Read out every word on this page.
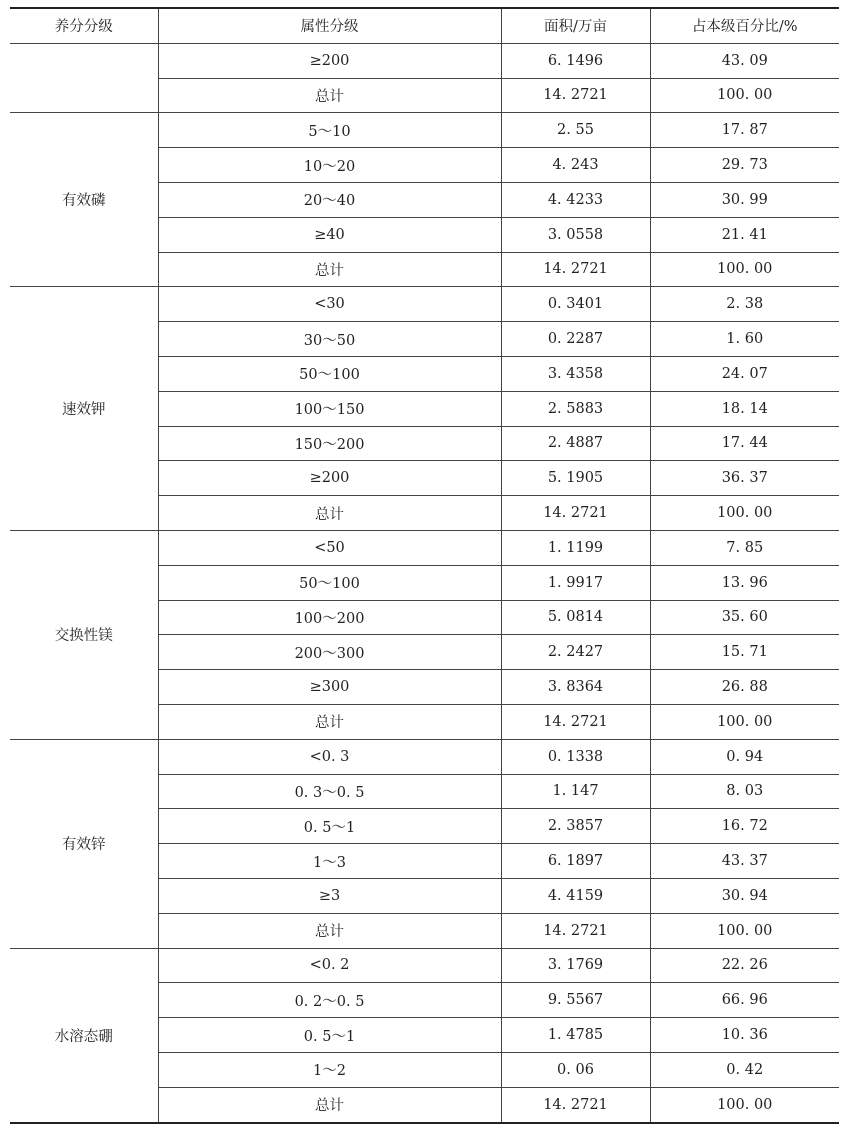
养分分级	属性分级	面积/万亩	占本级百分比/%
	≥200	6. 1496	43. 09
	总计	14. 2721	100. 00
有效磷	5～10	2. 55	17. 87
	10～20	4. 243	29. 73
	20～40	4. 4233	30. 99
	≥40	3. 0558	21. 41
	总计	14. 2721	100. 00
速效钾	<30	0. 3401	2. 38
	30～50	0. 2287	1. 60
	50～100	3. 4358	24. 07
	100～150	2. 5883	18. 14
	150～200	2. 4887	17. 44
	≥200	5. 1905	36. 37
	总计	14. 2721	100. 00
交换性镁	<50	1. 1199	7. 85
	50～100	1. 9917	13. 96
	100～200	5. 0814	35. 60
	200～300	2. 2427	15. 71
	≥300	3. 8364	26. 88
	总计	14. 2721	100. 00
有效锌	<0. 3	0. 1338	0. 94
	0. 3～0. 5	1. 147	8. 03
	0. 5～1	2. 3857	16. 72
	1～3	6. 1897	43. 37
	≥3	4. 4159	30. 94
	总计	14. 2721	100. 00
水溶态硼	<0. 2	3. 1769	22. 26
	0. 2～0. 5	9. 5567	66. 96
	0. 5～1	1. 4785	10. 36
	1～2	0. 06	0. 42
	总计	14. 2721	100. 00
